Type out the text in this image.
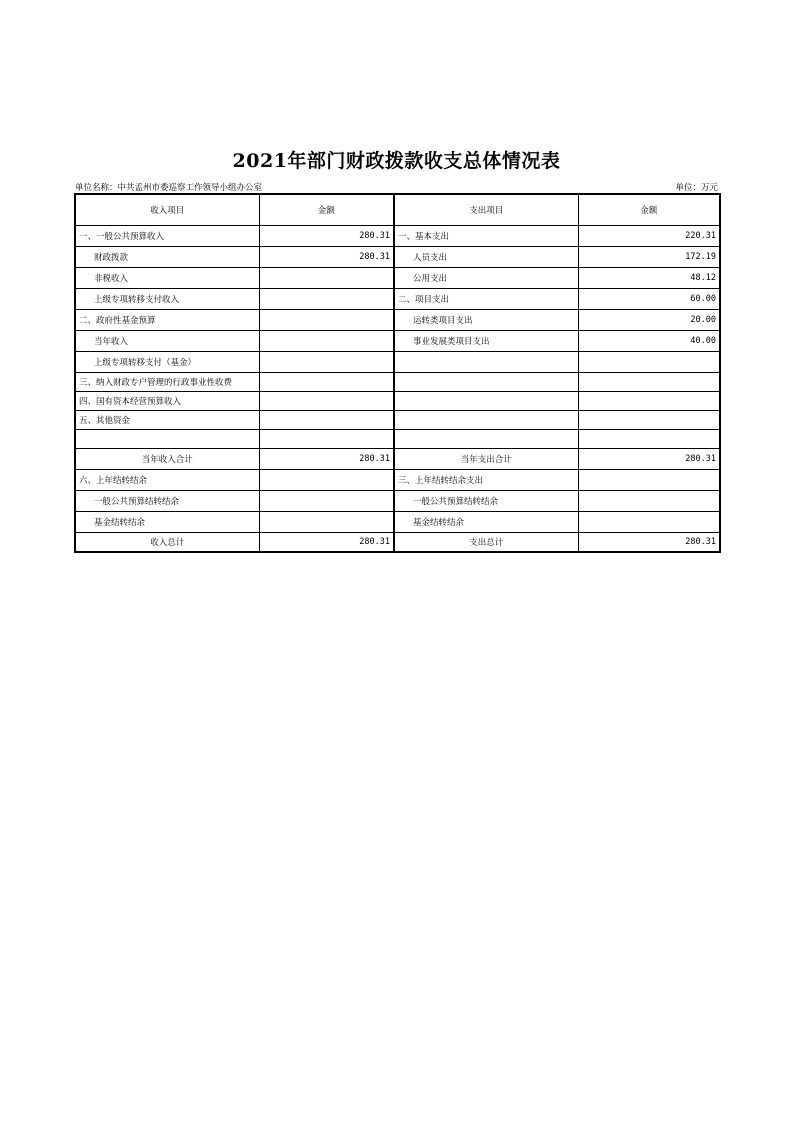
2021年部门财政拨款收支总体情况表
单位名称：中共孟州市委巡察工作领导小组办公室	单位：万元
收入项目	金额	支出项目	金额
一、一般公共预算收入	280.31	一、基本支出	220.31
财政拨款	280.31	人员支出	172.19
非税收入		公用支出	48.12
上级专项转移支付收入		二、项目支出	60.00
二、政府性基金预算		运转类项目支出	20.00
当年收入		事业发展类项目支出	40.00
上级专项转移支付（基金）			
三、纳入财政专户管理的行政事业性收费			
四、国有资本经营预算收入			
五、其他资金			

当年收入合计	280.31	当年支出合计	280.31
六、上年结转结余		三、上年结转结余支出	
一般公共预算结转结余		一般公共预算结转结余	
基金结转结余		基金结转结余	
收入总计	280.31	支出总计	280.31
